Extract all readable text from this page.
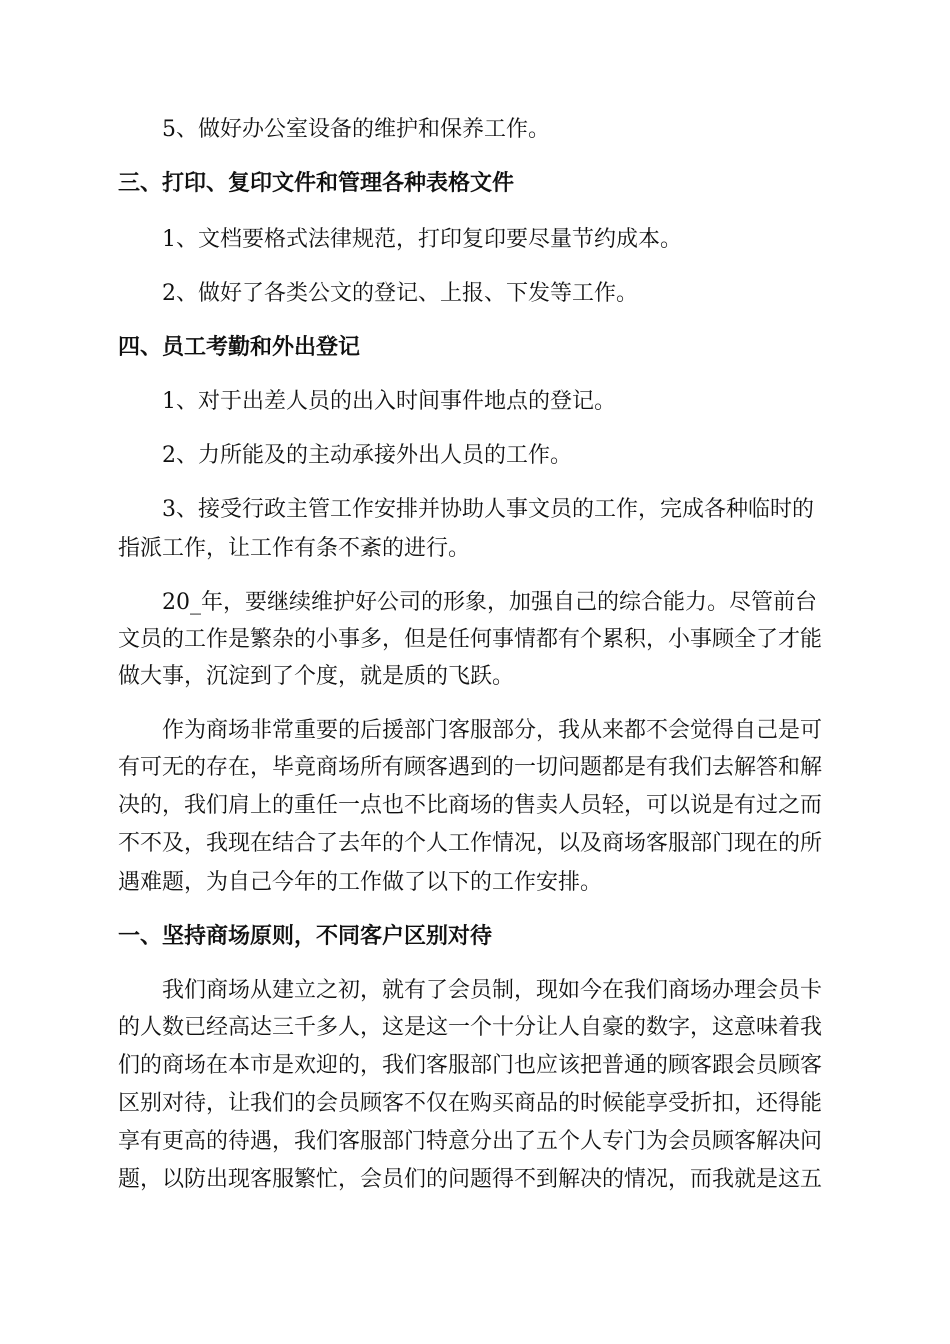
5、做好办公室设备的维护和保养工作。
三、打印、复印文件和管理各种表格文件
1、文档要格式法律规范，打印复印要尽量节约成本。
2、做好了各类公文的登记、上报、下发等工作。
四、员工考勤和外出登记
1、对于出差人员的出入时间事件地点的登记。
2、力所能及的主动承接外出人员的工作。
3、接受行政主管工作安排并协助人事文员的工作，完成各种临时的
指派工作，让工作有条不紊的进行。
20_年，要继续维护好公司的形象，加强自己的综合能力。尽管前台
文员的工作是繁杂的小事多，但是任何事情都有个累积，小事顾全了才能
做大事，沉淀到了个度，就是质的飞跃。
作为商场非常重要的后援部门客服部分，我从来都不会觉得自己是可
有可无的存在，毕竟商场所有顾客遇到的一切问题都是有我们去解答和解
决的，我们肩上的重任一点也不比商场的售卖人员轻，可以说是有过之而
不不及，我现在结合了去年的个人工作情况，以及商场客服部门现在的所
遇难题，为自己今年的工作做了以下的工作安排。
一、坚持商场原则，不同客户区别对待
我们商场从建立之初，就有了会员制，现如今在我们商场办理会员卡
的人数已经高达三千多人，这是这一个十分让人自豪的数字，这意味着我
们的商场在本市是欢迎的，我们客服部门也应该把普通的顾客跟会员顾客
区别对待，让我们的会员顾客不仅在购买商品的时候能享受折扣，还得能
享有更高的待遇，我们客服部门特意分出了五个人专门为会员顾客解决问
题，以防出现客服繁忙，会员们的问题得不到解决的情况，而我就是这五
